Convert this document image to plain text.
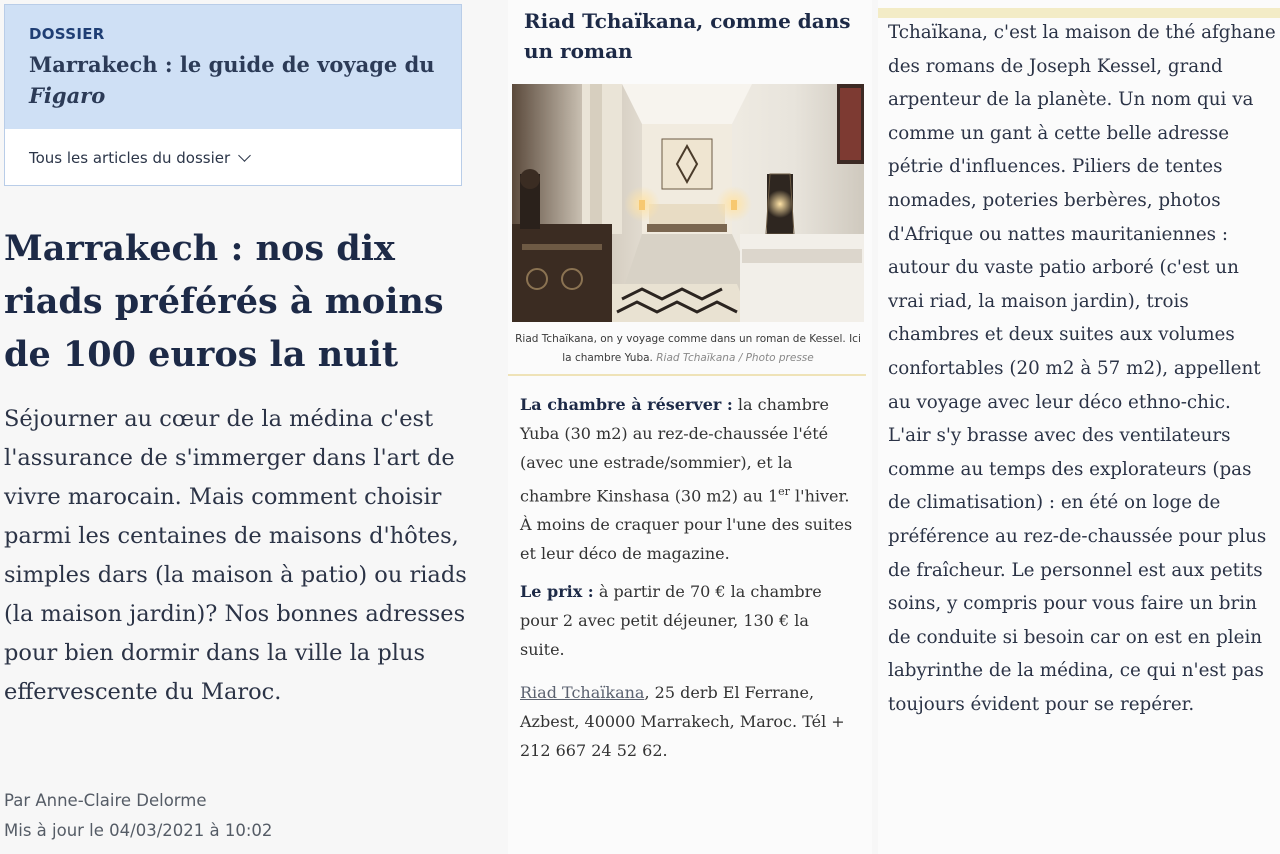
DOSSIER
Marrakech : le guide de voyage du Figaro
Tous les articles du dossier
Marrakech : nos dix riads préférés à moins de 100 euros la nuit

Séjourner au cœur de la médina c'est l'assurance de s'immerger dans l'art de vivre marocain. Mais comment choisir parmi les centaines de maisons d'hôtes, simples dars (la maison à patio) ou riads (la maison jardin)? Nos bonnes adresses pour bien dormir dans la ville la plus effervescente du Maroc.

Par Anne-Claire Delorme
Mis à jour le 04/03/2021 à 10:02
Riad Tchaïkana, comme dans un roman
Riad Tchaïkana, on y voyage comme dans un roman de Kessel. Ici la chambre Yuba. Riad Tchaïkana / Photo presse

La chambre à réserver : la chambre Yuba (30 m2) au rez-de-chaussée l'été (avec une estrade/sommier), et la chambre Kinshasa (30 m2) au 1er l'hiver. À moins de craquer pour l'une des suites et leur déco de magazine.

Le prix : à partir de 70 € la chambre pour 2 avec petit déjeuner, 130 € la suite.

Riad Tchaïkana, 25 derb El Ferrane, Azbest, 40000 Marrakech, Maroc. Tél + 212 667 24 52 62.

Tchaïkana, c'est la maison de thé afghane des romans de Joseph Kessel, grand arpenteur de la planète. Un nom qui va comme un gant à cette belle adresse pétrie d'influences. Piliers de tentes nomades, poteries berbères, photos d'Afrique ou nattes mauritaniennes : autour du vaste patio arboré (c'est un vrai riad, la maison jardin), trois chambres et deux suites aux volumes confortables (20 m2 à 57 m2), appellent au voyage avec leur déco ethno-chic. L'air s'y brasse avec des ventilateurs comme au temps des explorateurs (pas de climatisation) : en été on loge de préférence au rez-de-chaussée pour plus de fraîcheur. Le personnel est aux petits soins, y compris pour vous faire un brin de conduite si besoin car on est en plein labyrinthe de la médina, ce qui n'est pas toujours évident pour se repérer.
